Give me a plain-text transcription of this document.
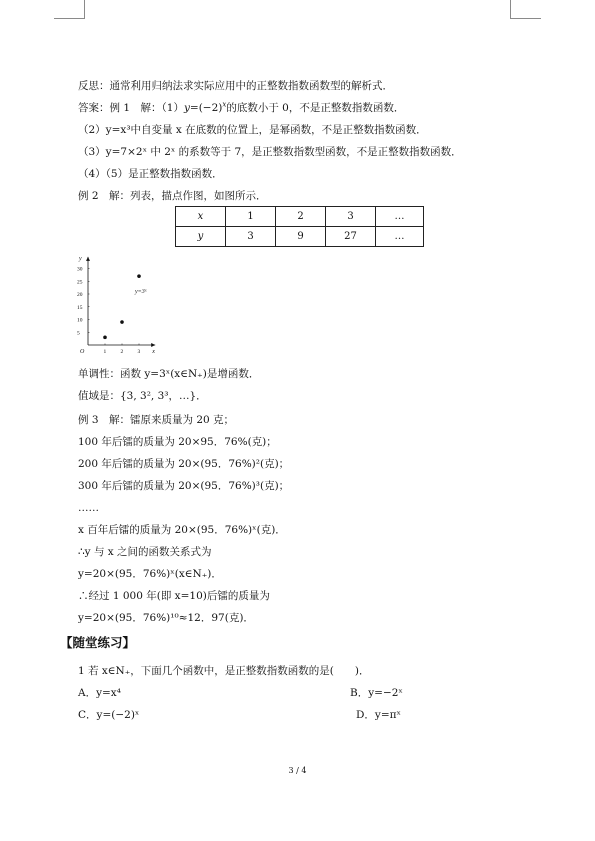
反思：通常利用归纳法求实际应用中的正整数指数函数型的解析式．
答案：例 1　解：$(1)y=(-2)^x$的底数小于 0，不是正整数指数函数．
（2）y=x³中自变量 x 在底数的位置上，是幂函数，不是正整数指数函数．
（3）y=7×2ˣ 中 2ˣ 的系数等于 7，是正整数指数型函数，不是正整数指数函数．
（4）（5）是正整数指数函数．
例 2　解：列表，描点作图，如图所示．
x	1	2	3	…
y	3	9	27	…
y
x
O
30
25
20
15
10
5
1	2	3
y=3ˣ
单调性：函数 y=3ˣ(x∈N₊)是增函数．
值域是：{3, 3², 3³，…}．
例 3　解：镭原来质量为 20 克；
100 年后镭的质量为 20×95．76%(克)；
200 年后镭的质量为 20×(95．76%)²(克)；
300 年后镭的质量为 20×(95．76%)³(克)；
……
x 百年后镭的质量为 20×(95．76%)ˣ(克)．
∴y 与 x 之间的函数关系式为
y=20×(95．76%)ˣ(x∈N₊)．
∴经过 1 000 年(即 x=10)后镭的质量为
y=20×(95．76%)¹⁰≈12．97(克)．
【随堂练习】
1 若 x∈N₊，下面几个函数中，是正整数指数函数的是(　　)．
A．y=x⁴	B．y=−2ˣ
C．y=(−2)ˣ	D．y=πˣ
3 / 4
